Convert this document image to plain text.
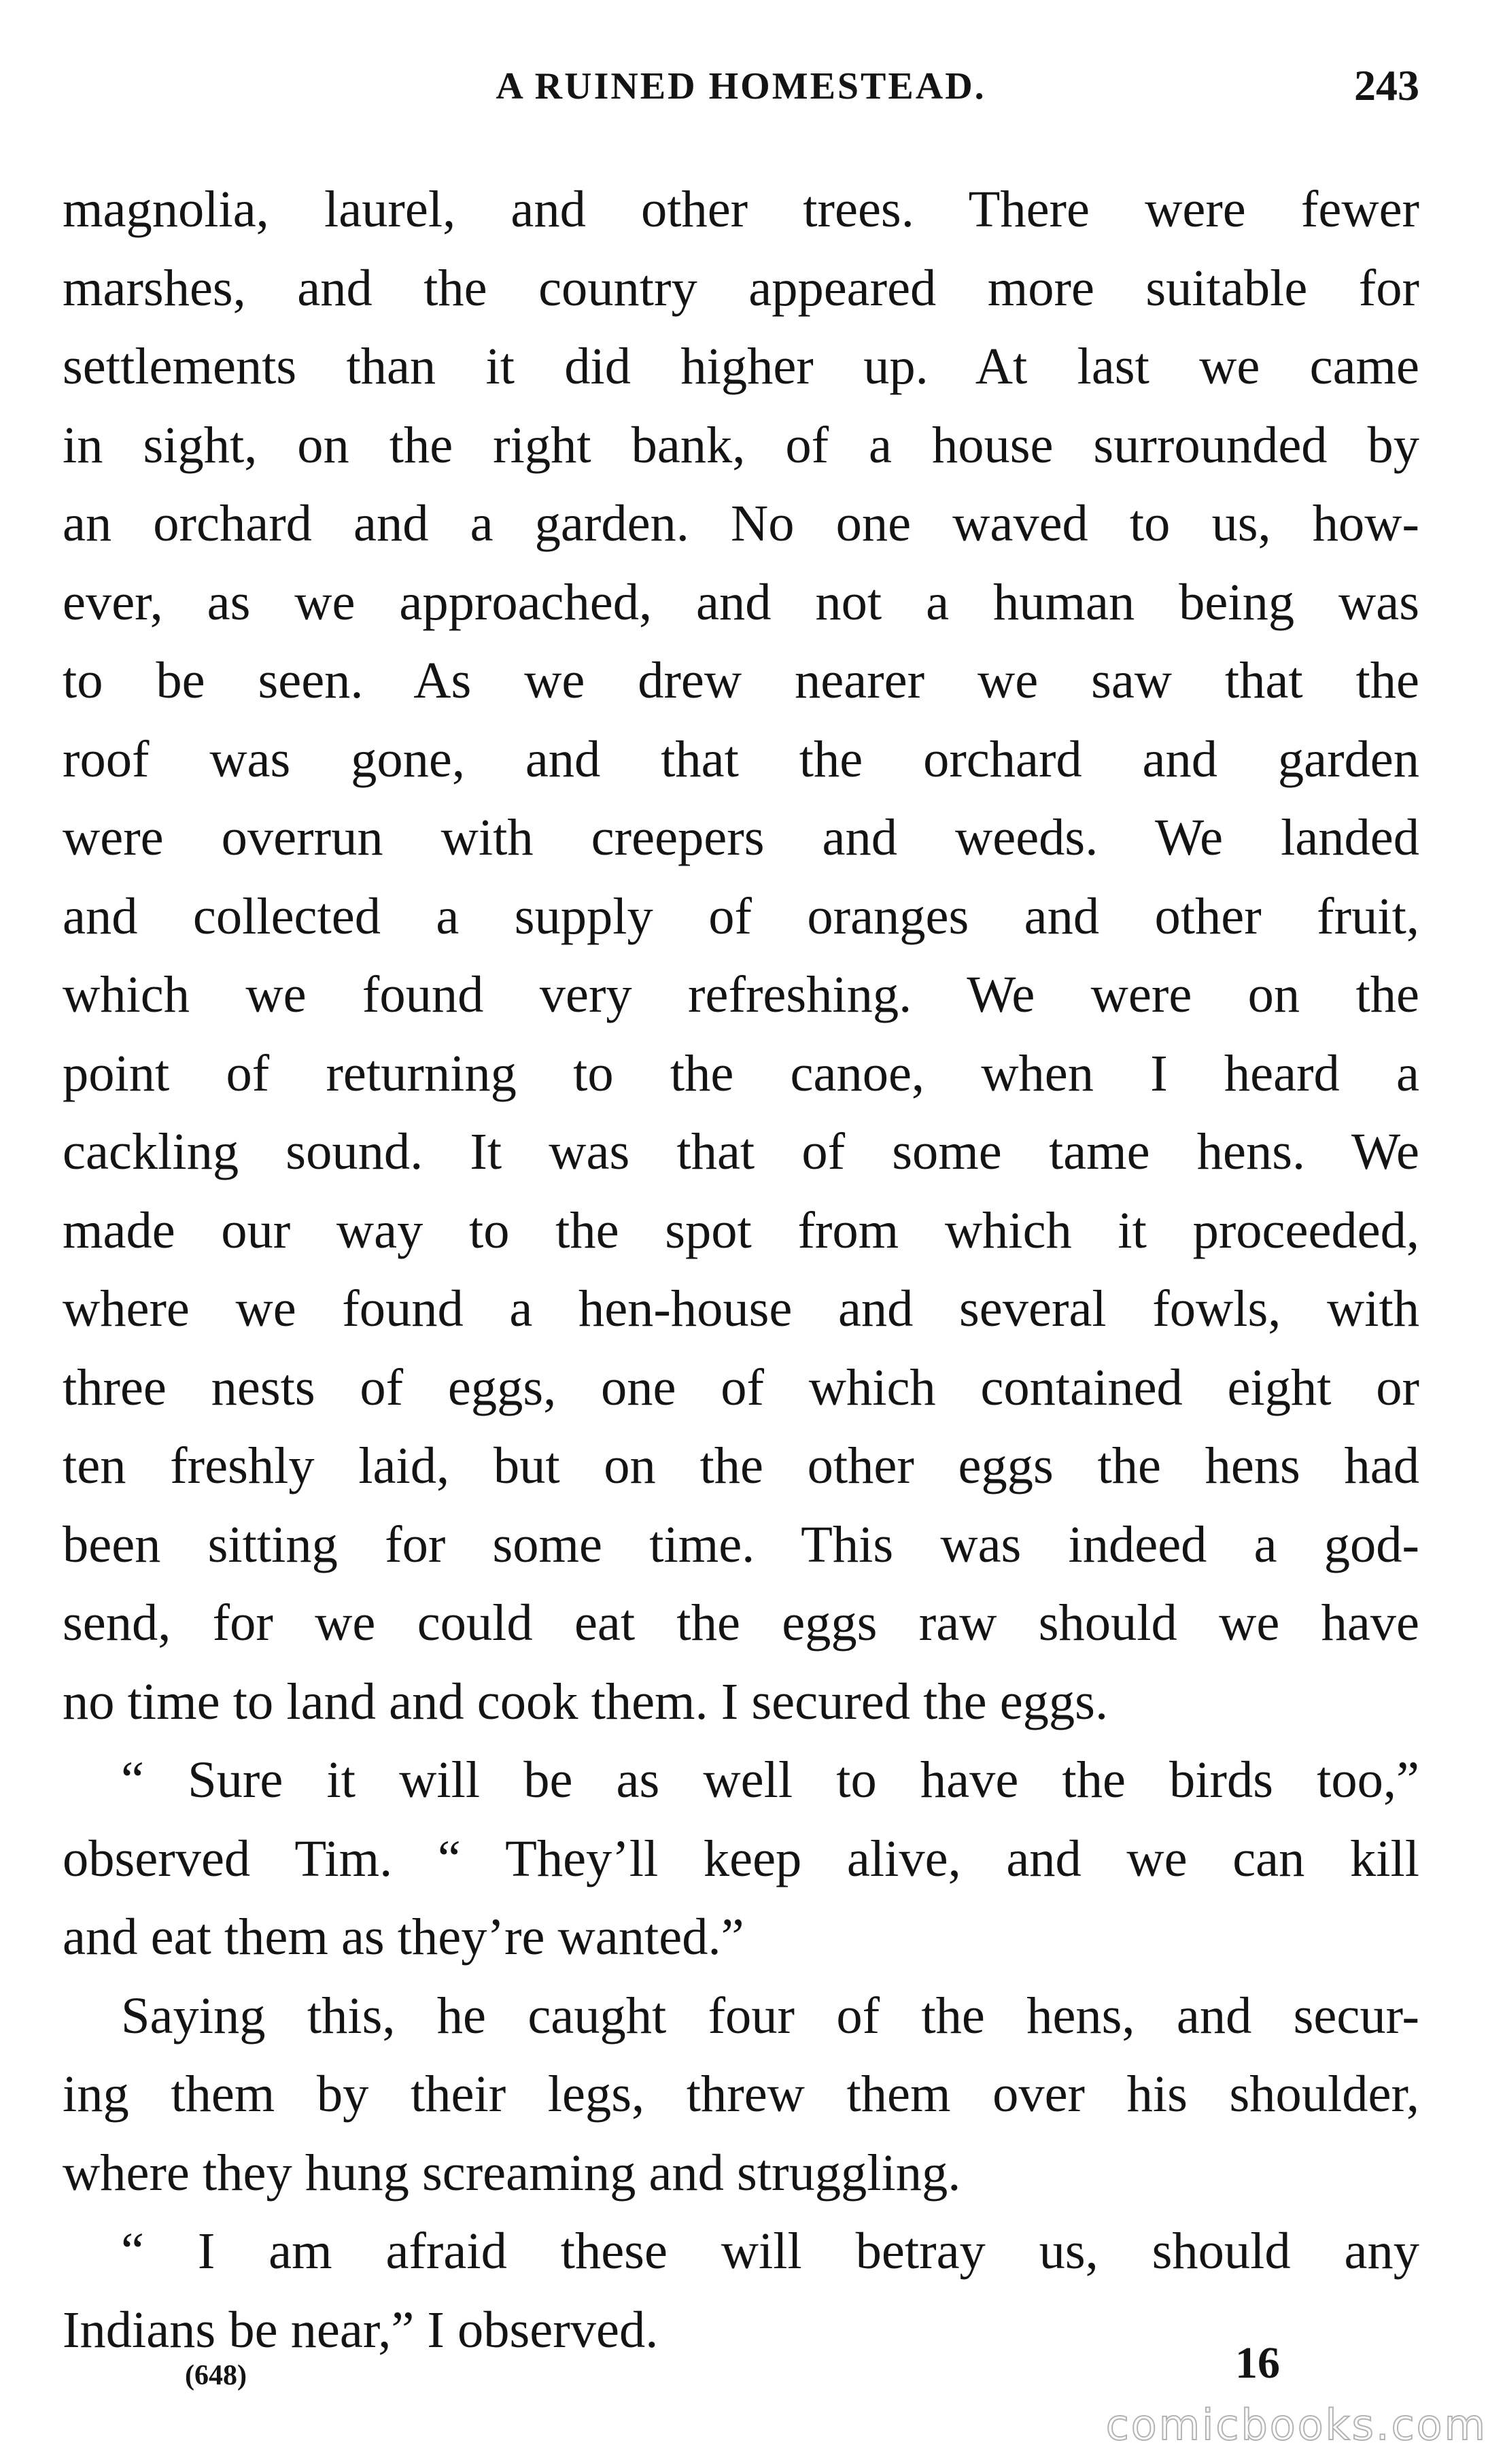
A RUINED HOMESTEAD.	243
magnolia, laurel, and other trees. There were fewer
marshes, and the country appeared more suitable for
settlements than it did higher up. At last we came
in sight, on the right bank, of a house surrounded by
an orchard and a garden. No one waved to us, how-
ever, as we approached, and not a human being was
to be seen. As we drew nearer we saw that the
roof was gone, and that the orchard and garden
were overrun with creepers and weeds. We landed
and collected a supply of oranges and other fruit,
which we found very refreshing. We were on the
point of returning to the canoe, when I heard a
cackling sound. It was that of some tame hens. We
made our way to the spot from which it proceeded,
where we found a hen-house and several fowls, with
three nests of eggs, one of which contained eight or
ten freshly laid, but on the other eggs the hens had
been sitting for some time. This was indeed a god-
send, for we could eat the eggs raw should we have
no time to land and cook them. I secured the eggs.
“ Sure it will be as well to have the birds too,”
observed Tim. “ They’ll keep alive, and we can kill
and eat them as they’re wanted.”
Saying this, he caught four of the hens, and secur-
ing them by their legs, threw them over his shoulder,
where they hung screaming and struggling.
“ I am afraid these will betray us, should any
Indians be near,” I observed.
(648)	16
comicbooks.com
